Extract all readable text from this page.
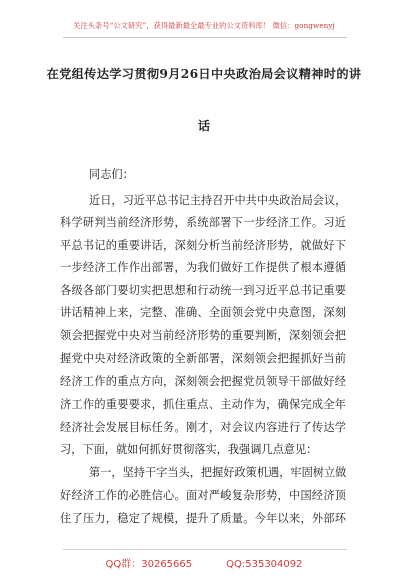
关注头条号“公文研究”，获得最新最全最专业的公文资料库！ 微信：gongwenyj
在党组传达学习贯彻9月26日中央政治局会议精神时的讲
话
同志们：
近日，习近平总书记主持召开中共中央政治局会议，
科学研判当前经济形势，系统部署下一步经济工作。习近
平总书记的重要讲话，深刻分析当前经济形势，就做好下
一步经济工作作出部署，为我们做好工作提供了根本遵循
各级各部门要切实把思想和行动统一到习近平总书记重要
讲话精神上来，完整、准确、全面领会党中央意图，深刻
领会把握党中央对当前经济形势的重要判断，深刻领会把
握党中央对经济政策的全新部署，深刻领会把握抓好当前
经济工作的重点方向，深刻领会把握党员领导干部做好经
济工作的重要要求，抓住重点、主动作为，确保完成全年
经济社会发展目标任务。刚才，对会议内容进行了传达学
习，下面，就如何抓好贯彻落实，我强调几点意见：
第一，坚持干字当头，把握好政策机遇，牢固树立做
好经济工作的必胜信心。面对严峻复杂形势，中国经济顶
住了压力，稳定了规模，提升了质量。今年以来，外部环
QQ群：30265665	QQ:535304092
